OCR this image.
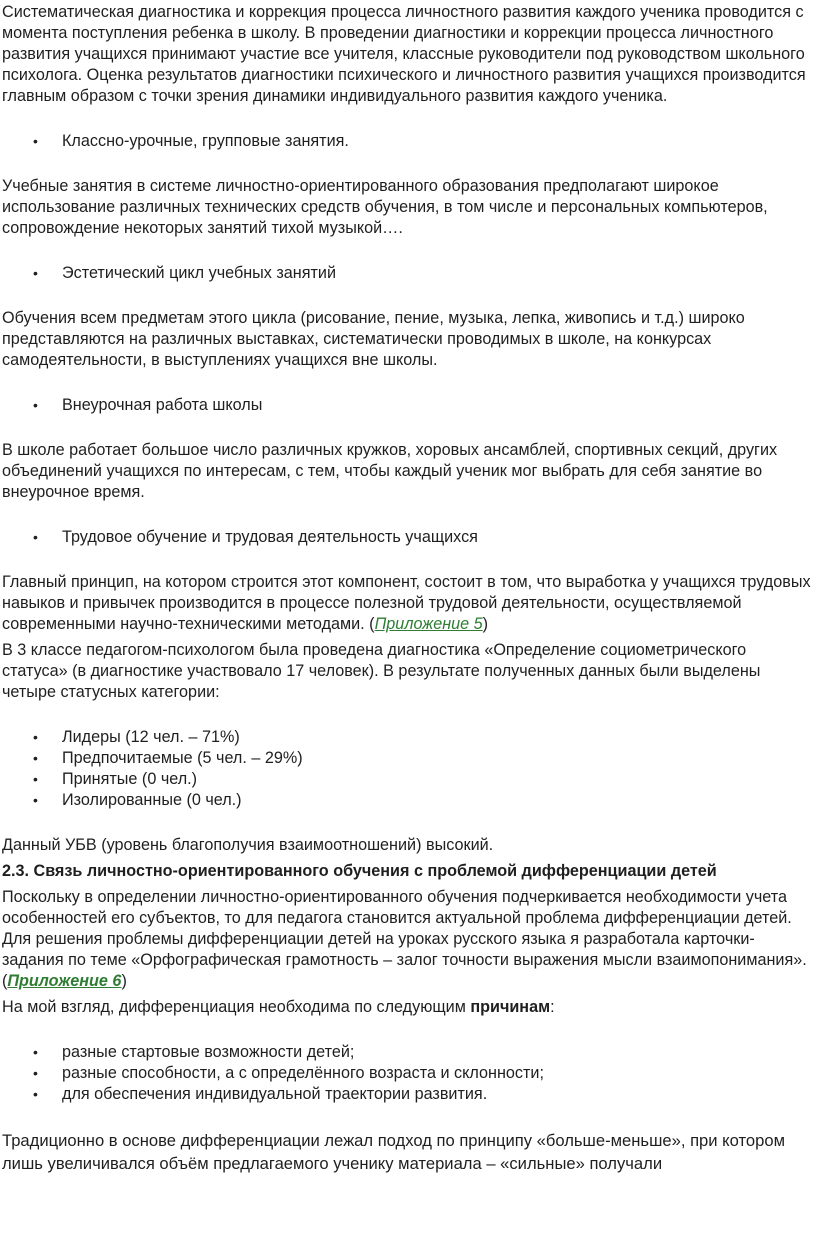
Систематическая диагностика и коррекция процесса личностного развития каждого ученика проводится с момента поступления ребенка в школу. В проведении диагностики и коррекции процесса личностного развития учащихся принимают участие все учителя, классные руководители под руководством школьного психолога. Оценка результатов диагностики психического и личностного развития учащихся производится главным образом с точки зрения динамики индивидуального развития каждого ученика.

• Классно-урочные, групповые занятия.

Учебные занятия в системе личностно-ориентированного образования предполагают широкое использование различных технических средств обучения, в том числе и персональных компьютеров, сопровождение некоторых занятий тихой музыкой….

• Эстетический цикл учебных занятий

Обучения всем предметам этого цикла (рисование, пение, музыка, лепка, живопись и т.д.) широко представляются на различных выставках, систематически проводимых в школе, на конкурсах самодеятельности, в выступлениях учащихся вне школы.

• Внеурочная работа школы

В школе работает большое число различных кружков, хоровых ансамблей, спортивных секций, других объединений учащихся по интересам, с тем, чтобы каждый ученик мог выбрать для себя занятие во внеурочное время.

• Трудовое обучение и трудовая деятельность учащихся

Главный принцип, на котором строится этот компонент, состоит в том, что выработка у учащихся трудовых навыков и привычек производится в процессе полезной трудовой деятельности, осуществляемой современными научно-техническими методами. (Приложение 5)

В 3 классе педагогом-психологом была проведена диагностика «Определение социометрического статуса» (в диагностике участвовало 17 человек). В результате полученных данных были выделены четыре статусных категории:

• Лидеры (12 чел. – 71%)
• Предпочитаемые (5 чел. – 29%)
• Принятые (0 чел.)
• Изолированные (0 чел.)

Данный УБВ (уровень благополучия взаимоотношений) высокий.

2.3. Связь личностно-ориентированного обучения с проблемой дифференциации детей

Поскольку в определении личностно-ориентированного обучения подчеркивается необходимости учета особенностей его субъектов, то для педагога становится актуальной проблема дифференциации детей. Для решения проблемы дифференциации детей на уроках русского языка я разработала карточки-задания по теме «Орфографическая грамотность – залог точности выражения мысли взаимопонимания». (Приложение 6)

На мой взгляд, дифференциация необходима по следующим причинам:

• разные стартовые возможности детей;
• разные способности, а с определённого возраста и склонности;
• для обеспечения индивидуальной траектории развития.

Традиционно в основе дифференциации лежал подход по принципу «больше-меньше», при котором лишь увеличивался объём предлагаемого ученику материала – «сильные» получали
